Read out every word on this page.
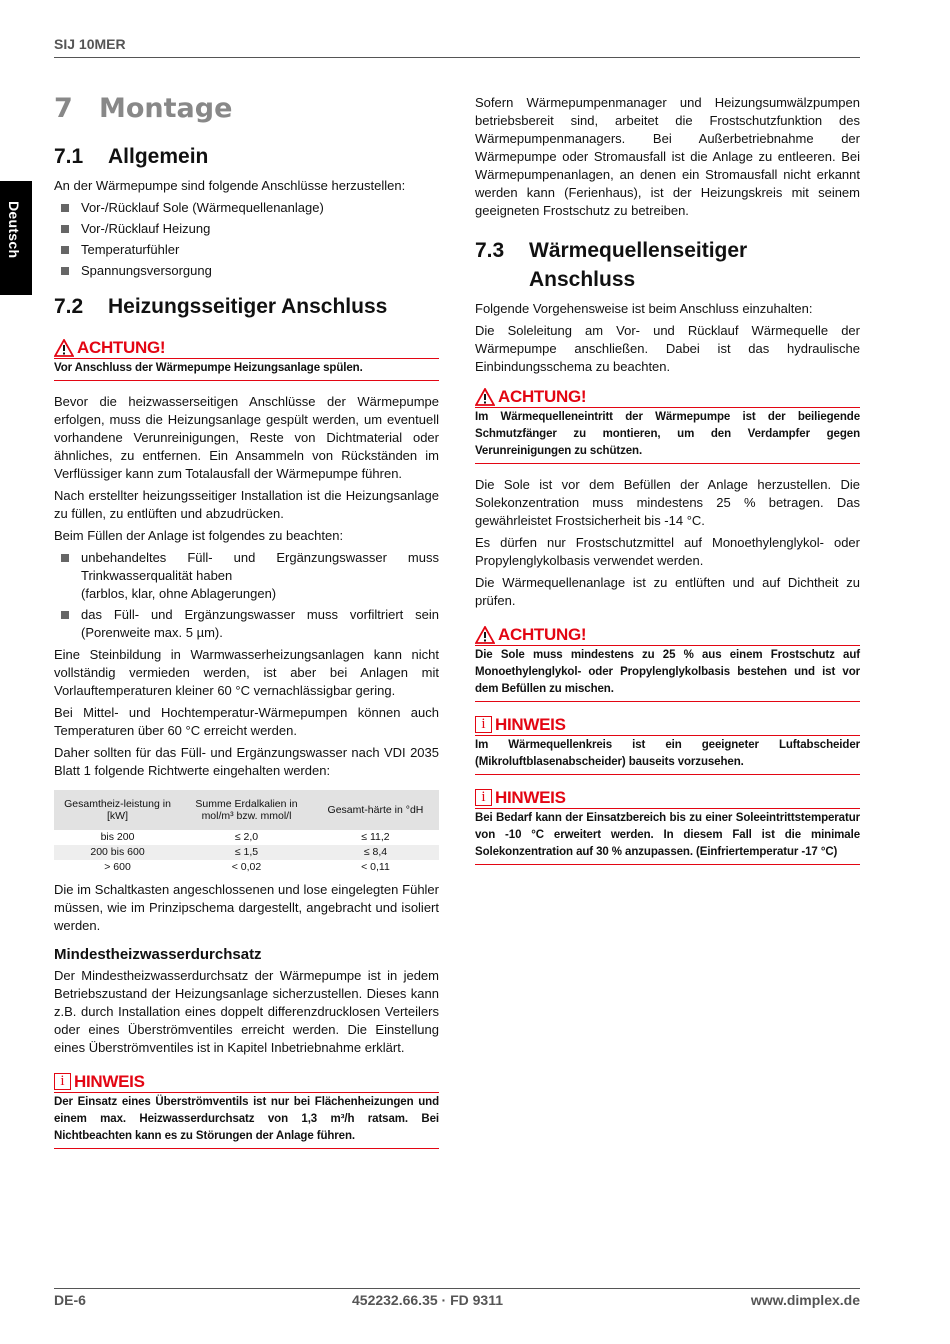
SIJ 10MER
Deutsch
7 Montage
7.1 Allgemein

An der Wärmepumpe sind folgende Anschlüsse herzustellen:

Vor-/Rücklauf Sole (Wärmequellenanlage)
Vor-/Rücklauf Heizung
Temperaturfühler
Spannungsversorgung
7.2 Heizungsseitiger Anschluss
ACHTUNG!
Vor Anschluss der Wärmepumpe Heizungsanlage spülen.

Bevor die heizwasserseitigen Anschlüsse der Wärmepumpe erfolgen, muss die Heizungsanlage gespült werden, um eventuell vorhandene Verunreinigungen, Reste von Dichtmaterial oder ähnliches, zu entfernen. Ein Ansammeln von Rückständen im Verflüssiger kann zum Totalausfall der Wärmepumpe führen.

Nach erstellter heizungsseitiger Installation ist die Heizungsanlage zu füllen, zu entlüften und abzudrücken.

Beim Füllen der Anlage ist folgendes zu beachten:

unbehandeltes Füll- und Ergänzungswasser muss Trinkwasserqualität haben
(farblos, klar, ohne Ablagerungen)
das Füll- und Ergänzungswasser muss vorfiltriert sein (Porenweite max. 5 µm).

Eine Steinbildung in Warmwasserheizungsanlagen kann nicht vollständig vermieden werden, ist aber bei Anlagen mit Vorlauftemperaturen kleiner 60 °C vernachlässigbar gering.

Bei Mittel- und Hochtemperatur-Wärmepumpen können auch Temperaturen über 60 °C erreicht werden.

Daher sollten für das Füll- und Ergänzungswasser nach VDI 2035 Blatt 1 folgende Richtwerte eingehalten werden:

Gesamtheiz-leistung in [kW]	Summe Erdalkalien in mol/m³ bzw. mmol/l	Gesamt-härte in °dH
bis 200	≤ 2,0	≤ 11,2
200 bis 600	≤ 1,5	≤ 8,4
> 600	< 0,02	< 0,11

Die im Schaltkasten angeschlossenen und lose eingelegten Fühler müssen, wie im Prinzipschema dargestellt, angebracht und isoliert werden.

Mindestheizwasserdurchsatz

Der Mindestheizwasserdurchsatz der Wärmepumpe ist in jedem Betriebszustand der Heizungsanlage sicherzustellen. Dieses kann z.B. durch Installation eines doppelt differenzdrucklosen Verteilers oder eines Überströmventiles erreicht werden. Die Einstellung eines Überströmventiles ist in Kapitel Inbetriebnahme erklärt.

i HINWEIS
Der Einsatz eines Überströmventils ist nur bei Flächenheizungen und einem max. Heizwasserdurchsatz von 1,3 m³/h ratsam. Bei Nichtbeachten kann es zu Störungen der Anlage führen.

Sofern Wärmepumpenmanager und Heizungsumwälzpumpen betriebsbereit sind, arbeitet die Frostschutzfunktion des Wärmepumpenmanagers. Bei Außerbetriebnahme der Wärmepumpe oder Stromausfall ist die Anlage zu entleeren. Bei Wärmepumpenanlagen, an denen ein Stromausfall nicht erkannt werden kann (Ferienhaus), ist der Heizungskreis mit seinem geeigneten Frostschutz zu betreiben.

7.3 Wärmequellenseitiger Anschluss

Folgende Vorgehensweise ist beim Anschluss einzuhalten:

Die Soleleitung am Vor- und Rücklauf Wärmequelle der Wärmepumpe anschließen. Dabei ist das hydraulische Einbindungsschema zu beachten.

ACHTUNG!
Im Wärmequelleneintritt der Wärmepumpe ist der beiliegende Schmutzfänger zu montieren, um den Verdampfer gegen Verunreinigungen zu schützen.

Die Sole ist vor dem Befüllen der Anlage herzustellen. Die Solekonzentration muss mindestens 25 % betragen. Das gewährleistet Frostsicherheit bis -14 °C.

Es dürfen nur Frostschutzmittel auf Monoethylenglykol- oder Propylenglykolbasis verwendet werden.

Die Wärmequellenanlage ist zu entlüften und auf Dichtheit zu prüfen.

ACHTUNG!
Die Sole muss mindestens zu 25 % aus einem Frostschutz auf Monoethylenglykol- oder Propylenglykolbasis bestehen und ist vor dem Befüllen zu mischen.
i HINWEIS
Im Wärmequellenkreis ist ein geeigneter Luftabscheider (Mikroluftblasenabscheider) bauseits vorzusehen.
i HINWEIS
Bei Bedarf kann der Einsatzbereich bis zu einer Soleeintrittstemperatur von -10 °C erweitert werden. In diesem Fall ist die minimale Solekonzentration auf 30 % anzupassen. (Einfriertemperatur -17 °C)
DE-6	452232.66.35 · FD 9311	www.dimplex.de
